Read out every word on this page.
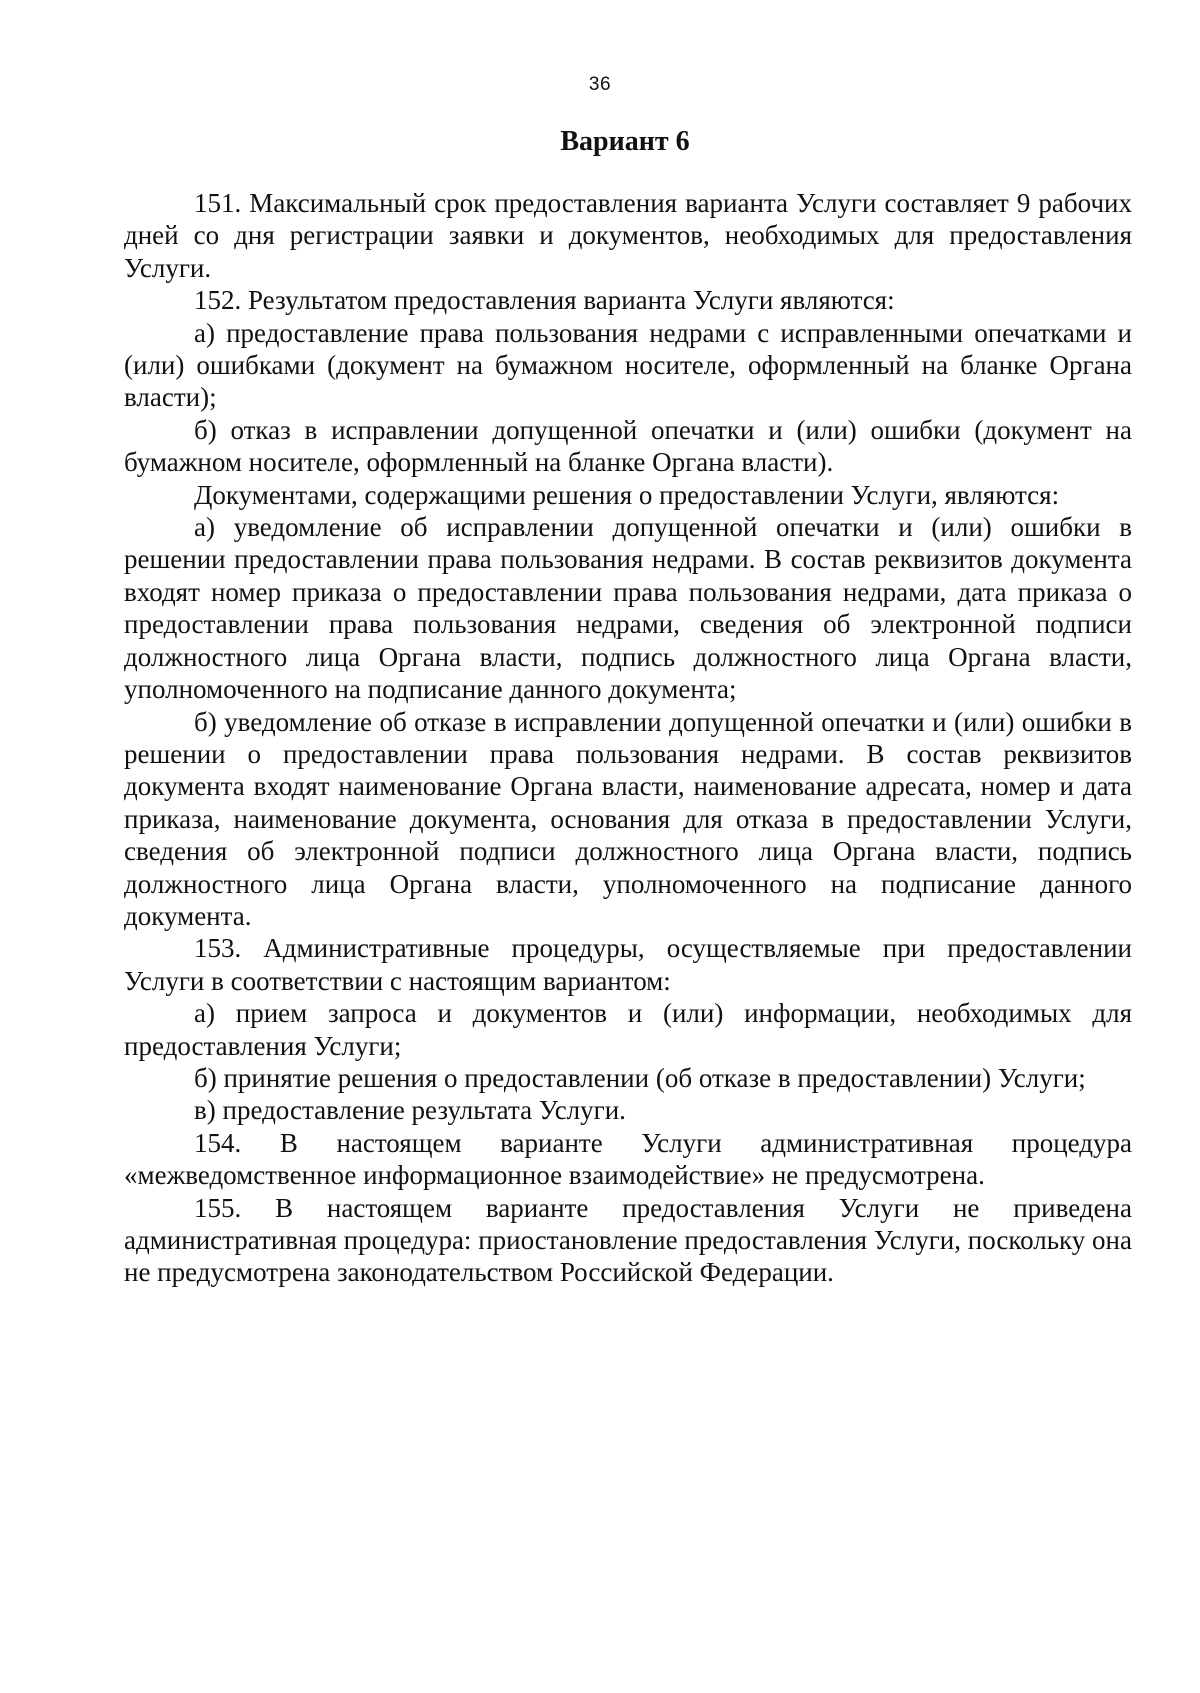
36
Вариант 6

151. Максимальный срок предоставления варианта Услуги составляет 9 рабочих дней со дня регистрации заявки и документов, необходимых для предоставления Услуги.

152. Результатом предоставления варианта Услуги являются:

а) предоставление права пользования недрами с исправленными опечатками и (или) ошибками (документ на бумажном носителе, оформленный на бланке Органа власти);

б) отказ в исправлении допущенной опечатки и (или) ошибки (документ на бумажном носителе, оформленный на бланке Органа власти).

Документами, содержащими решения о предоставлении Услуги, являются:

а) уведомление об исправлении допущенной опечатки и (или) ошибки в решении предоставлении права пользования недрами. В состав реквизитов документа входят номер приказа о предоставлении права пользования недрами, дата приказа о предоставлении права пользования недрами, сведения об электронной подписи должностного лица Органа власти, подпись должностного лица Органа власти, уполномоченного на подписание данного документа;

б) уведомление об отказе в исправлении допущенной опечатки и (или) ошибки в решении о предоставлении права пользования недрами. В состав реквизитов документа входят наименование Органа власти, наименование адресата, номер и дата приказа, наименование документа, основания для отказа в предоставлении Услуги, сведения об электронной подписи должностного лица Органа власти, подпись должностного лица Органа власти, уполномоченного на подписание данного документа.

153. Административные процедуры, осуществляемые при предоставлении Услуги в соответствии с настоящим вариантом:

а) прием запроса и документов и (или) информации, необходимых для предоставления Услуги;

б) принятие решения о предоставлении (об отказе в предоставлении) Услуги;

в) предоставление результата Услуги.

154. В настоящем варианте Услуги административная процедура «межведомственное информационное взаимодействие» не предусмотрена.

155. В настоящем варианте предоставления Услуги не приведена административная процедура: приостановление предоставления Услуги, поскольку она не предусмотрена законодательством Российской Федерации.
